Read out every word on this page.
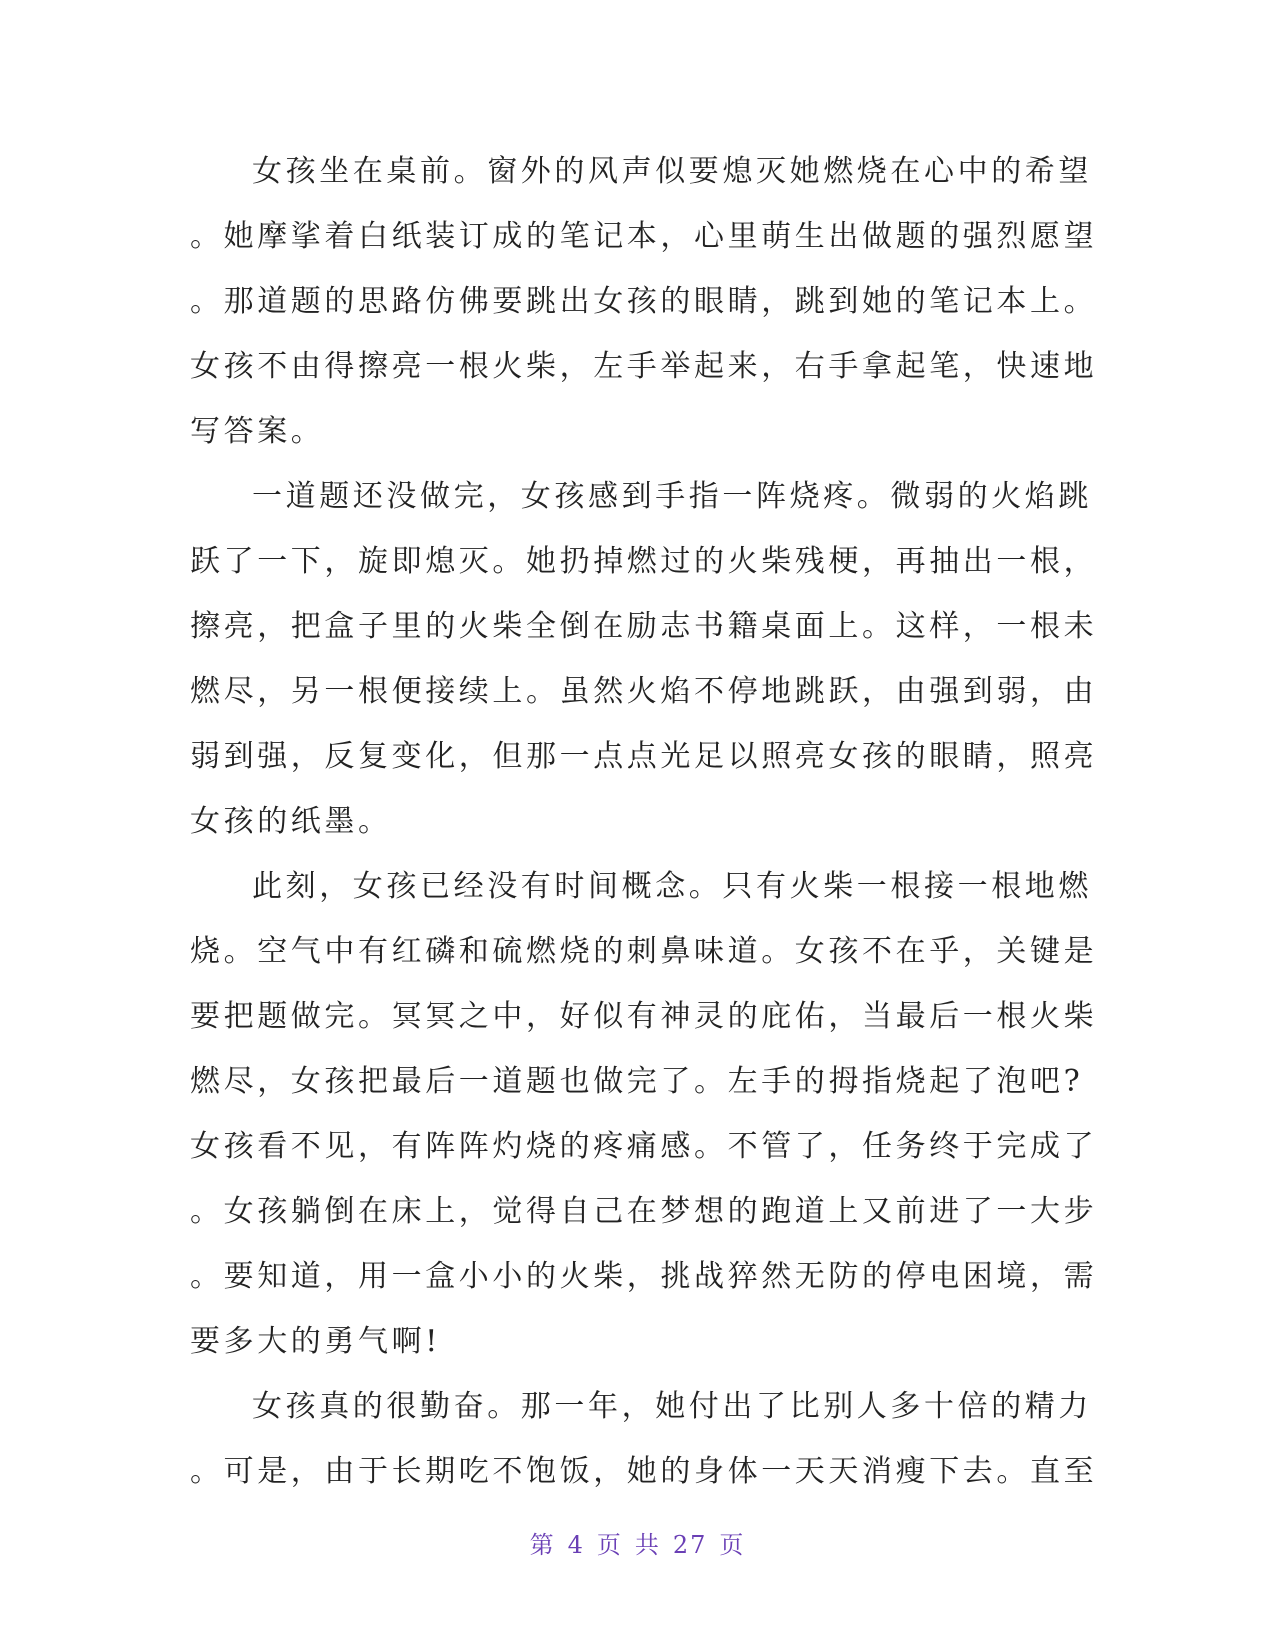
女孩坐在桌前。窗外的风声似要熄灭她燃烧在心中的希望
。她摩挲着白纸装订成的笔记本，心里萌生出做题的强烈愿望
。那道题的思路仿佛要跳出女孩的眼睛，跳到她的笔记本上。
女孩不由得擦亮一根火柴，左手举起来，右手拿起笔，快速地
写答案。
一道题还没做完，女孩感到手指一阵烧疼。微弱的火焰跳
跃了一下，旋即熄灭。她扔掉燃过的火柴残梗，再抽出一根，
擦亮，把盒子里的火柴全倒在励志书籍桌面上。这样，一根未
燃尽，另一根便接续上。虽然火焰不停地跳跃，由强到弱，由
弱到强，反复变化，但那一点点光足以照亮女孩的眼睛，照亮
女孩的纸墨。
此刻，女孩已经没有时间概念。只有火柴一根接一根地燃
烧。空气中有红磷和硫燃烧的刺鼻味道。女孩不在乎，关键是
要把题做完。冥冥之中，好似有神灵的庇佑，当最后一根火柴
燃尽，女孩把最后一道题也做完了。左手的拇指烧起了泡吧?
女孩看不见，有阵阵灼烧的疼痛感。不管了，任务终于完成了
。女孩躺倒在床上，觉得自己在梦想的跑道上又前进了一大步
。要知道，用一盒小小的火柴，挑战猝然无防的停电困境，需
要多大的勇气啊!
女孩真的很勤奋。那一年，她付出了比别人多十倍的精力
。可是，由于长期吃不饱饭，她的身体一天天消瘦下去。直至
第 4 页 共 27 页
